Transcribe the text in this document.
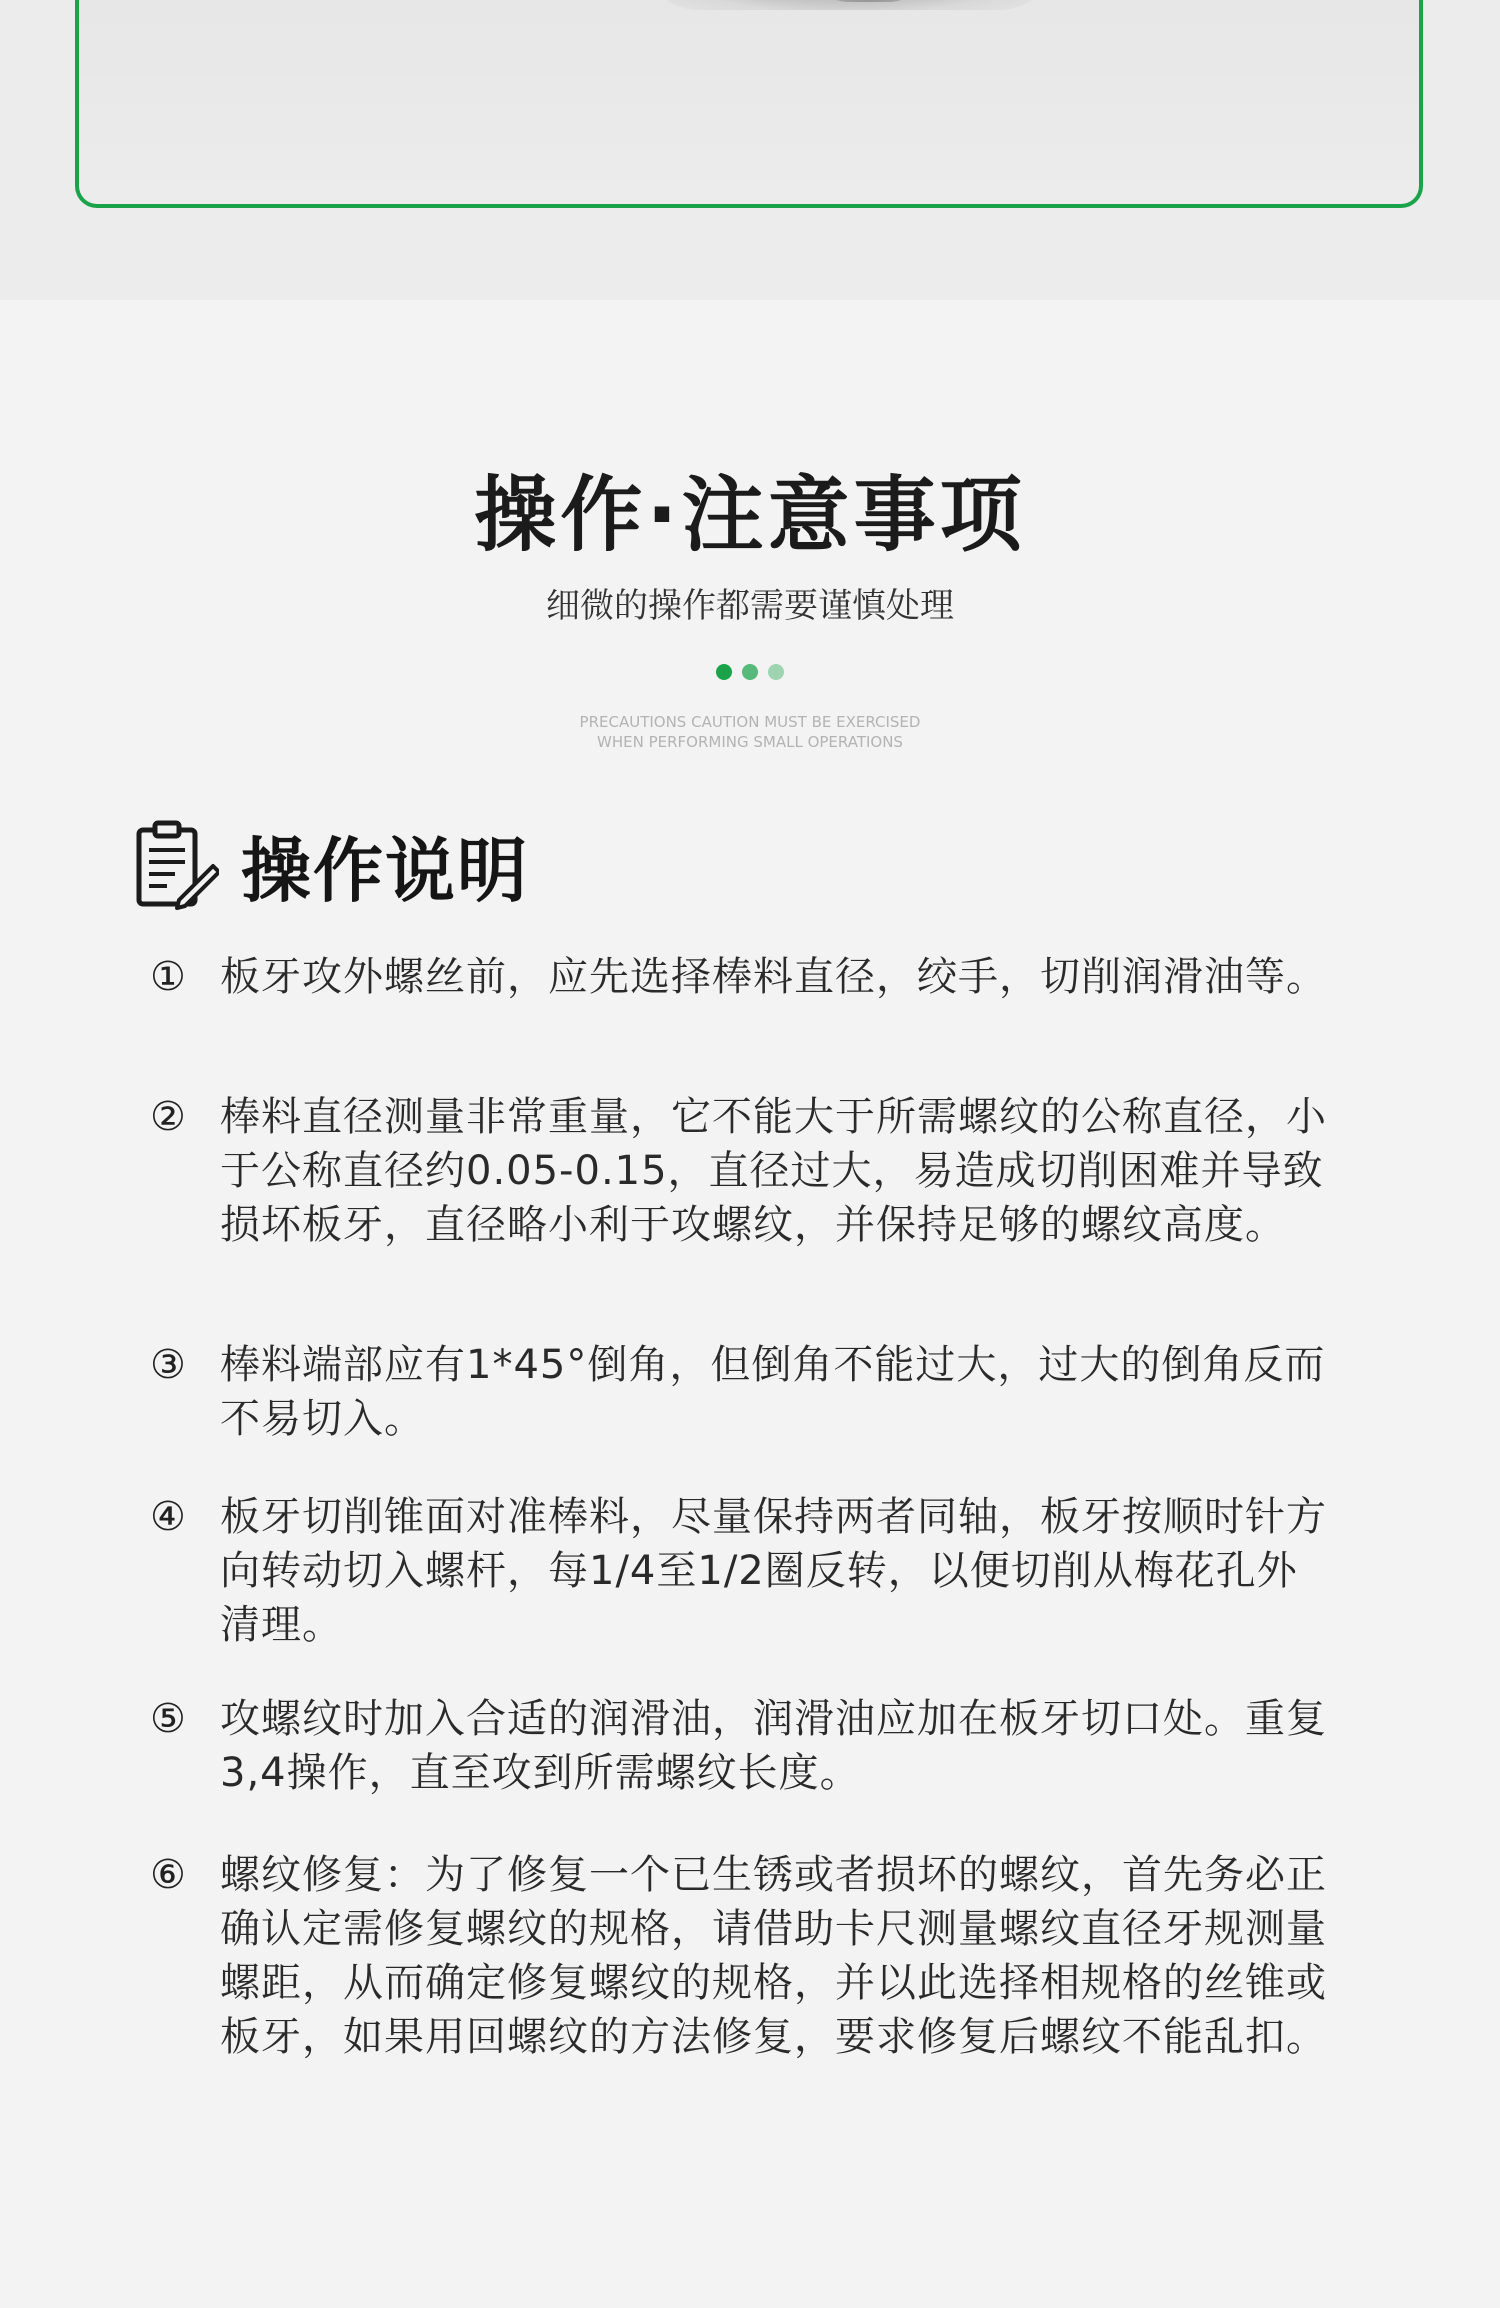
操作·注意事项
细微的操作都需要谨慎处理

PRECAUTIONS CAUTION MUST BE EXERCISED
WHEN PERFORMING SMALL OPERATIONS
操作说明
① 板牙攻外螺丝前，应先选择棒料直径，绞手，切削润滑油等。
② 棒料直径测量非常重量，它不能大于所需螺纹的公称直径，小于公称直径约0.05-0.15，直径过大，易造成切削困难并导致损坏板牙，直径略小利于攻螺纹，并保持足够的螺纹高度。
③ 棒料端部应有1*45°倒角，但倒角不能过大，过大的倒角反而不易切入。
④ 板牙切削锥面对准棒料，尽量保持两者同轴，板牙按顺时针方向转动切入螺杆，每1/4至1/2圈反转，以便切削从梅花孔外清理。
⑤ 攻螺纹时加入合适的润滑油，润滑油应加在板牙切口处。重复3,4操作，直至攻到所需螺纹长度。
⑥ 螺纹修复：为了修复一个已生锈或者损坏的螺纹，首先务必正确认定需修复螺纹的规格，请借助卡尺测量螺纹直径牙规测量螺距，从而确定修复螺纹的规格，并以此选择相规格的丝锥或板牙，如果用回螺纹的方法修复，要求修复后螺纹不能乱扣。
